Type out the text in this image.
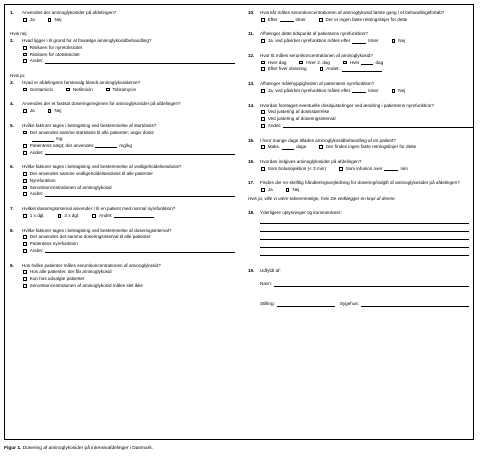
1.	Anvendes der aminoglykosider på afdelingen?
Ja	Nej
Hvis nej:
2.	Hvad ligger i til grund for at fravælge aminoglykosidbehandling?
Risikoen for nyretoksicitet
Risikoen for ototoksicitet
Andet:
Hvis ja:
3.	Hvad er afdelingens førstevalg blandt aminoglykosiderne?
Gentamicin	Netilmicin	Tobramycin
4.	Anvendes der et fastsat doseringsregimen for aminoglykosider på afdelingen?
Ja	Nej
5.	Hvilke faktorer tages i betragtning ved bestemmelse af startdosis?
Der anvendes samme startdosis til alle patienter; angiv dosis:
mg
Patientens vægt; der anvendes	mg/kg
Andet:
6.	Hvilke faktorer tages i betragtning ved bestemmelse af vedligeholdelsesdosis?
Der anvendes samme vedligeholdelsesdosis til alle patienter
Nyrefunktion
Serumkoncentrationen af aminoglykosid
Andet:
7.	Hvilket doseringsinterval anvender I til en patient med normal nyrefunktion?
1 x dgl.	3 x dgl.	Andet:
8.	Hvilke faktorer tages i betragtning ved bestemmelse af doseringsinterval?
Der anvendes det samme doseringsinterval til alle patienter
Patientens nyrefunktion
Andet:
9.	Hos hvilke patienter måles serumkoncentrationen af aminoglykosid?
Hos alle patienter, der får aminoglykosid
Kun hos udvalgte patienter
Serumkoncentrationen af aminoglykosid måles slet ikke
10.	Hvornår måles serumkoncentrationen af aminoglykosid første gang i et behandlingsforløb?
Efter	timer	Der er ingen faste retningslinjer for dette
11.	Afhænger dette tidspunkt af patientens nyrefunktion?
Ja, ved påvirket nyrefunktion måles efter	timer	Nej
12.	Hvor tit måles serumkoncentrationen af aminoglykosid?
Hver dag	Hver 2. dag	Hver	dag
Efter hver dosering	Andet:
13.	Afhænger målehyppigheden af patientens nyrefunktion?
Ja, ved påvirket nyrefunktion måles efter	timer	Nej
14.	Hvordan foretages eventuelle dosisjusteringer ved ændring i patientens nyrefunktion?
Ved justering af dosisstørrelse
Ved justering af doseringsinterval
Andet:
15.	I hvor mange dage tillades aminoglykosidbehandling af en patient?
Maks.	dage	Der findes ingen faste retningslinjer for dette
16.	Hvordan indgives aminoglykosider på afdelingen?
Som bolusinjektion (< 3 min)	Som infusion over	min
17.	Findes der en skriftlig håndteringsvejledning for dosering/indgift af aminoglykosider på afdelingen?
Ja	Nej
Hvis ja, ville vi være taknemmelige, hvis De vedlægger en kopi af denne.
18.	Yderligere oplysninger og kommentarer:
19.	Udfyldt af:
Navn:
Stilling:	Sygehus:
Figur 1. Dosering af aminoglykosider på intensivafdelinger i Danmark.
